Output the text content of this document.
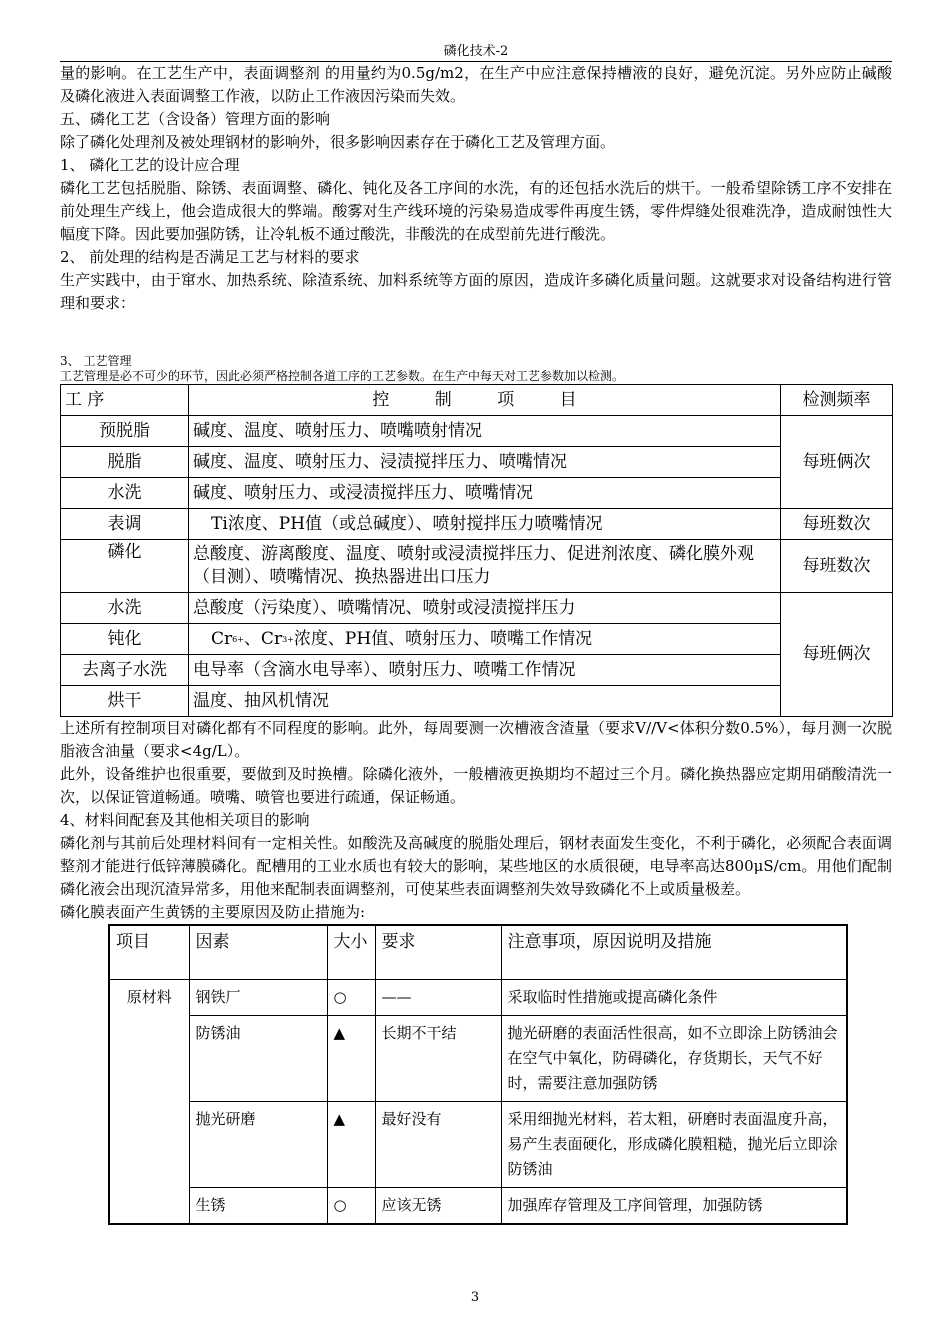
磷化技术-2

量的影响。在工艺生产中，表面调整剂 的用量约为0.5g/m2，在生产中应注意保持槽液的良好，避免沉淀。另外应防止碱酸及磷化液进入表面调整工作液，以防止工作液因污染而失效。

五、磷化工艺（含设备）管理方面的影响

除了磷化处理剂及被处理钢材的影响外，很多影响因素存在于磷化工艺及管理方面。

1、 磷化工艺的设计应合理

磷化工艺包括脱脂、除锈、表面调整、磷化、钝化及各工序间的水洗，有的还包括水洗后的烘干。一般希望除锈工序不安排在前处理生产线上，他会造成很大的弊端。酸雾对生产线环境的污染易造成零件再度生锈，零件焊缝处很难洗净，造成耐蚀性大幅度下降。因此要加强防锈，让冷轧板不通过酸洗，非酸洗的在成型前先进行酸洗。

2、 前处理的结构是否满足工艺与材料的要求

生产实践中，由于窜水、加热系统、除渣系统、加料系统等方面的原因，造成许多磷化质量问题。这就要求对设备结构进行管理和要求：

3、 工艺管理

工艺管理是必不可少的环节，因此必须严格控制各道工序的工艺参数。在生产中每天对工艺参数加以检测。

工 序	控 制 项 目	检测频率
预脱脂	碱度、温度、喷射压力、喷嘴喷射情况	每班俩次
脱脂	碱度、温度、喷射压力、浸渍搅拌压力、喷嘴情况	
水洗	碱度、喷射压力、或浸渍搅拌压力、喷嘴情况	
表调	Ti浓度、PH值（或总碱度）、喷射搅拌压力喷嘴情况	每班数次
磷化	总酸度、游离酸度、温度、喷射或浸渍搅拌压力、促进剂浓度、磷化膜外观（目测）、喷嘴情况、换热器进出口压力	每班数次
水洗	总酸度（污染度）、喷嘴情况、喷射或浸渍搅拌压力	每班俩次
钝化	$Cr^{6+}$、$Cr^{3+}$浓度、PH值、喷射压力、喷嘴工作情况	
去离子水洗	电导率（含滴水电导率）、喷射压力、喷嘴工作情况	
烘干	温度、抽风机情况	

上述所有控制项目对磷化都有不同程度的影响。此外，每周要测一次槽液含渣量（要求V//V<体积分数0.5%），每月测一次脱脂液含油量（要求<4g/L）。

此外，设备维护也很重要，要做到及时换槽。除磷化液外，一般槽液更换期均不超过三个月。磷化换热器应定期用硝酸清洗一次，以保证管道畅通。喷嘴、喷管也要进行疏通，保证畅通。

4、材料间配套及其他相关项目的影响

磷化剂与其前后处理材料间有一定相关性。如酸洗及高碱度的脱脂处理后，钢材表面发生变化，不利于磷化，必须配合表面调整剂才能进行低锌薄膜磷化。配槽用的工业水质也有较大的影响，某些地区的水质很硬，电导率高达800μS/cm。用他们配制磷化液会出现沉渣异常多，用他来配制表面调整剂，可使某些表面调整剂失效导致磷化不上或质量极差。

磷化膜表面产生黄锈的主要原因及防止措施为:

项目	因素	大小	要求	注意事项，原因说明及措施
原材料	钢铁厂	○	——	采取临时性措施或提高磷化条件
	防锈油	▲	长期不干结	抛光研磨的表面活性很高，如不立即涂上防锈油会在空气中氧化，防碍磷化，存货期长，天气不好时，需要注意加强防锈
	抛光研磨	▲	最好没有	采用细抛光材料，若太粗，研磨时表面温度升高，易产生表面硬化，形成磷化膜粗糙，抛光后立即涂防锈油
	生锈	○	应该无锈	加强库存管理及工序间管理，加强防锈
3
